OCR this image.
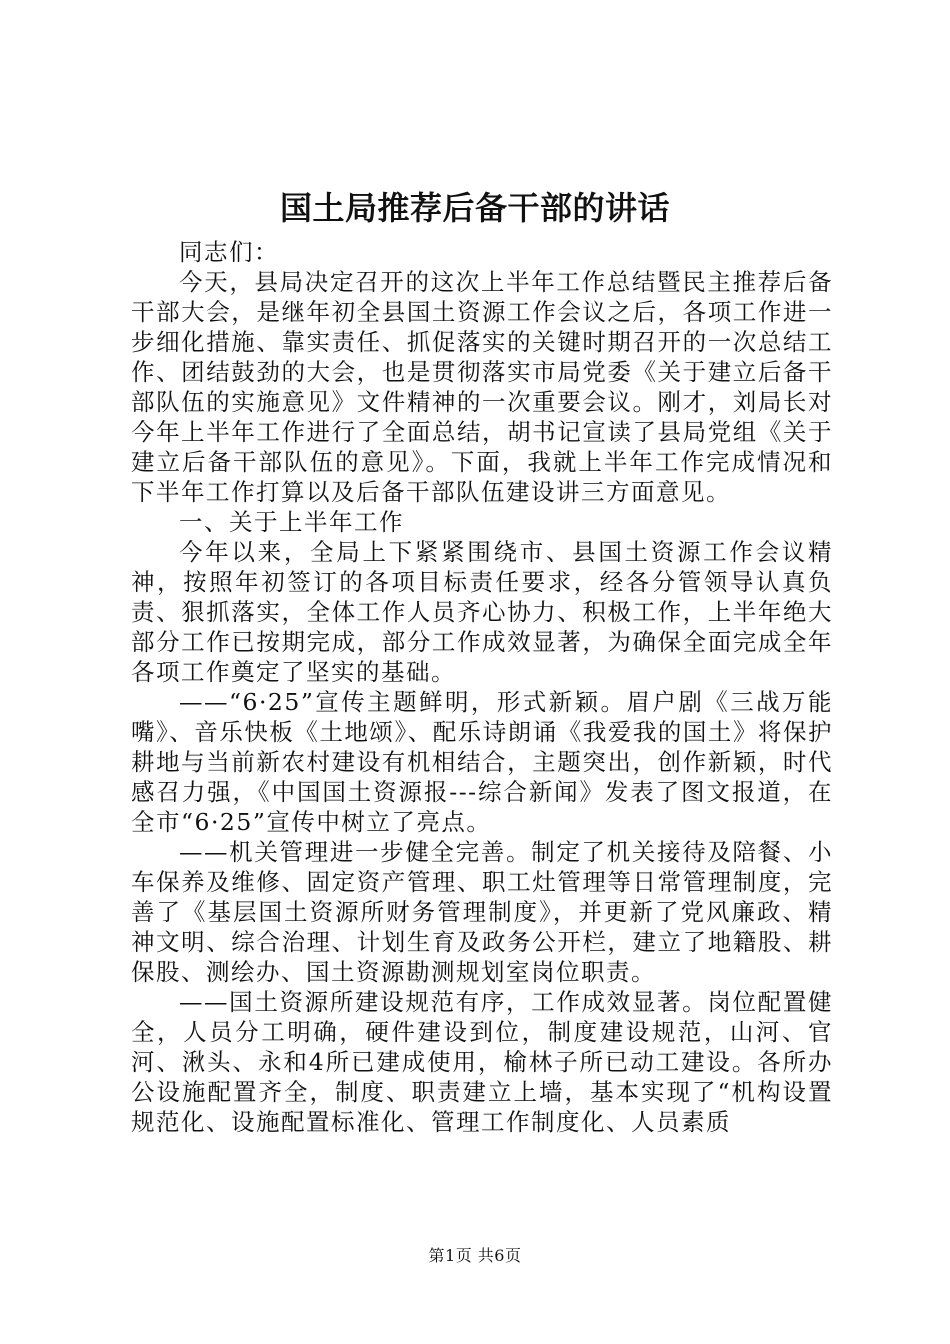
国土局推荐后备干部的讲话

同志们：

今天，县局决定召开的这次上半年工作总结暨民主推荐后备干部大会，是继年初全县国土资源工作会议之后，各项工作进一步细化措施、靠实责任、抓促落实的关键时期召开的一次总结工作、团结鼓劲的大会，也是贯彻落实市局党委《关于建立后备干部队伍的实施意见》文件精神的一次重要会议。刚才，刘局长对今年上半年工作进行了全面总结，胡书记宣读了县局党组《关于建立后备干部队伍的意见》。下面，我就上半年工作完成情况和下半年工作打算以及后备干部队伍建设讲三方面意见。

一、关于上半年工作

今年以来，全局上下紧紧围绕市、县国土资源工作会议精神，按照年初签订的各项目标责任要求，经各分管领导认真负责、狠抓落实，全体工作人员齐心协力、积极工作，上半年绝大部分工作已按期完成，部分工作成效显著，为确保全面完成全年各项工作奠定了坚实的基础。

——“6·25”宣传主题鲜明，形式新颖。眉户剧《三战万能嘴》、音乐快板《土地颂》、配乐诗朗诵《我爱我的国土》将保护耕地与当前新农村建设有机相结合，主题突出，创作新颖，时代感召力强，《中国国土资源报---综合新闻》发表了图文报道，在全市“6·25”宣传中树立了亮点。

——机关管理进一步健全完善。制定了机关接待及陪餐、小车保养及维修、固定资产管理、职工灶管理等日常管理制度，完善了《基层国土资源所财务管理制度》，并更新了党风廉政、精神文明、综合治理、计划生育及政务公开栏，建立了地籍股、耕保股、测绘办、国土资源勘测规划室岗位职责。

——国土资源所建设规范有序，工作成效显著。岗位配置健全，人员分工明确，硬件建设到位，制度建设规范，山河、官河、湫头、永和4所已建成使用，榆林子所已动工建设。各所办公设施配置齐全，制度、职责建立上墙，基本实现了“机构设置规范化、设施配置标准化、管理工作制度化、人员素质

第1页 共6页
